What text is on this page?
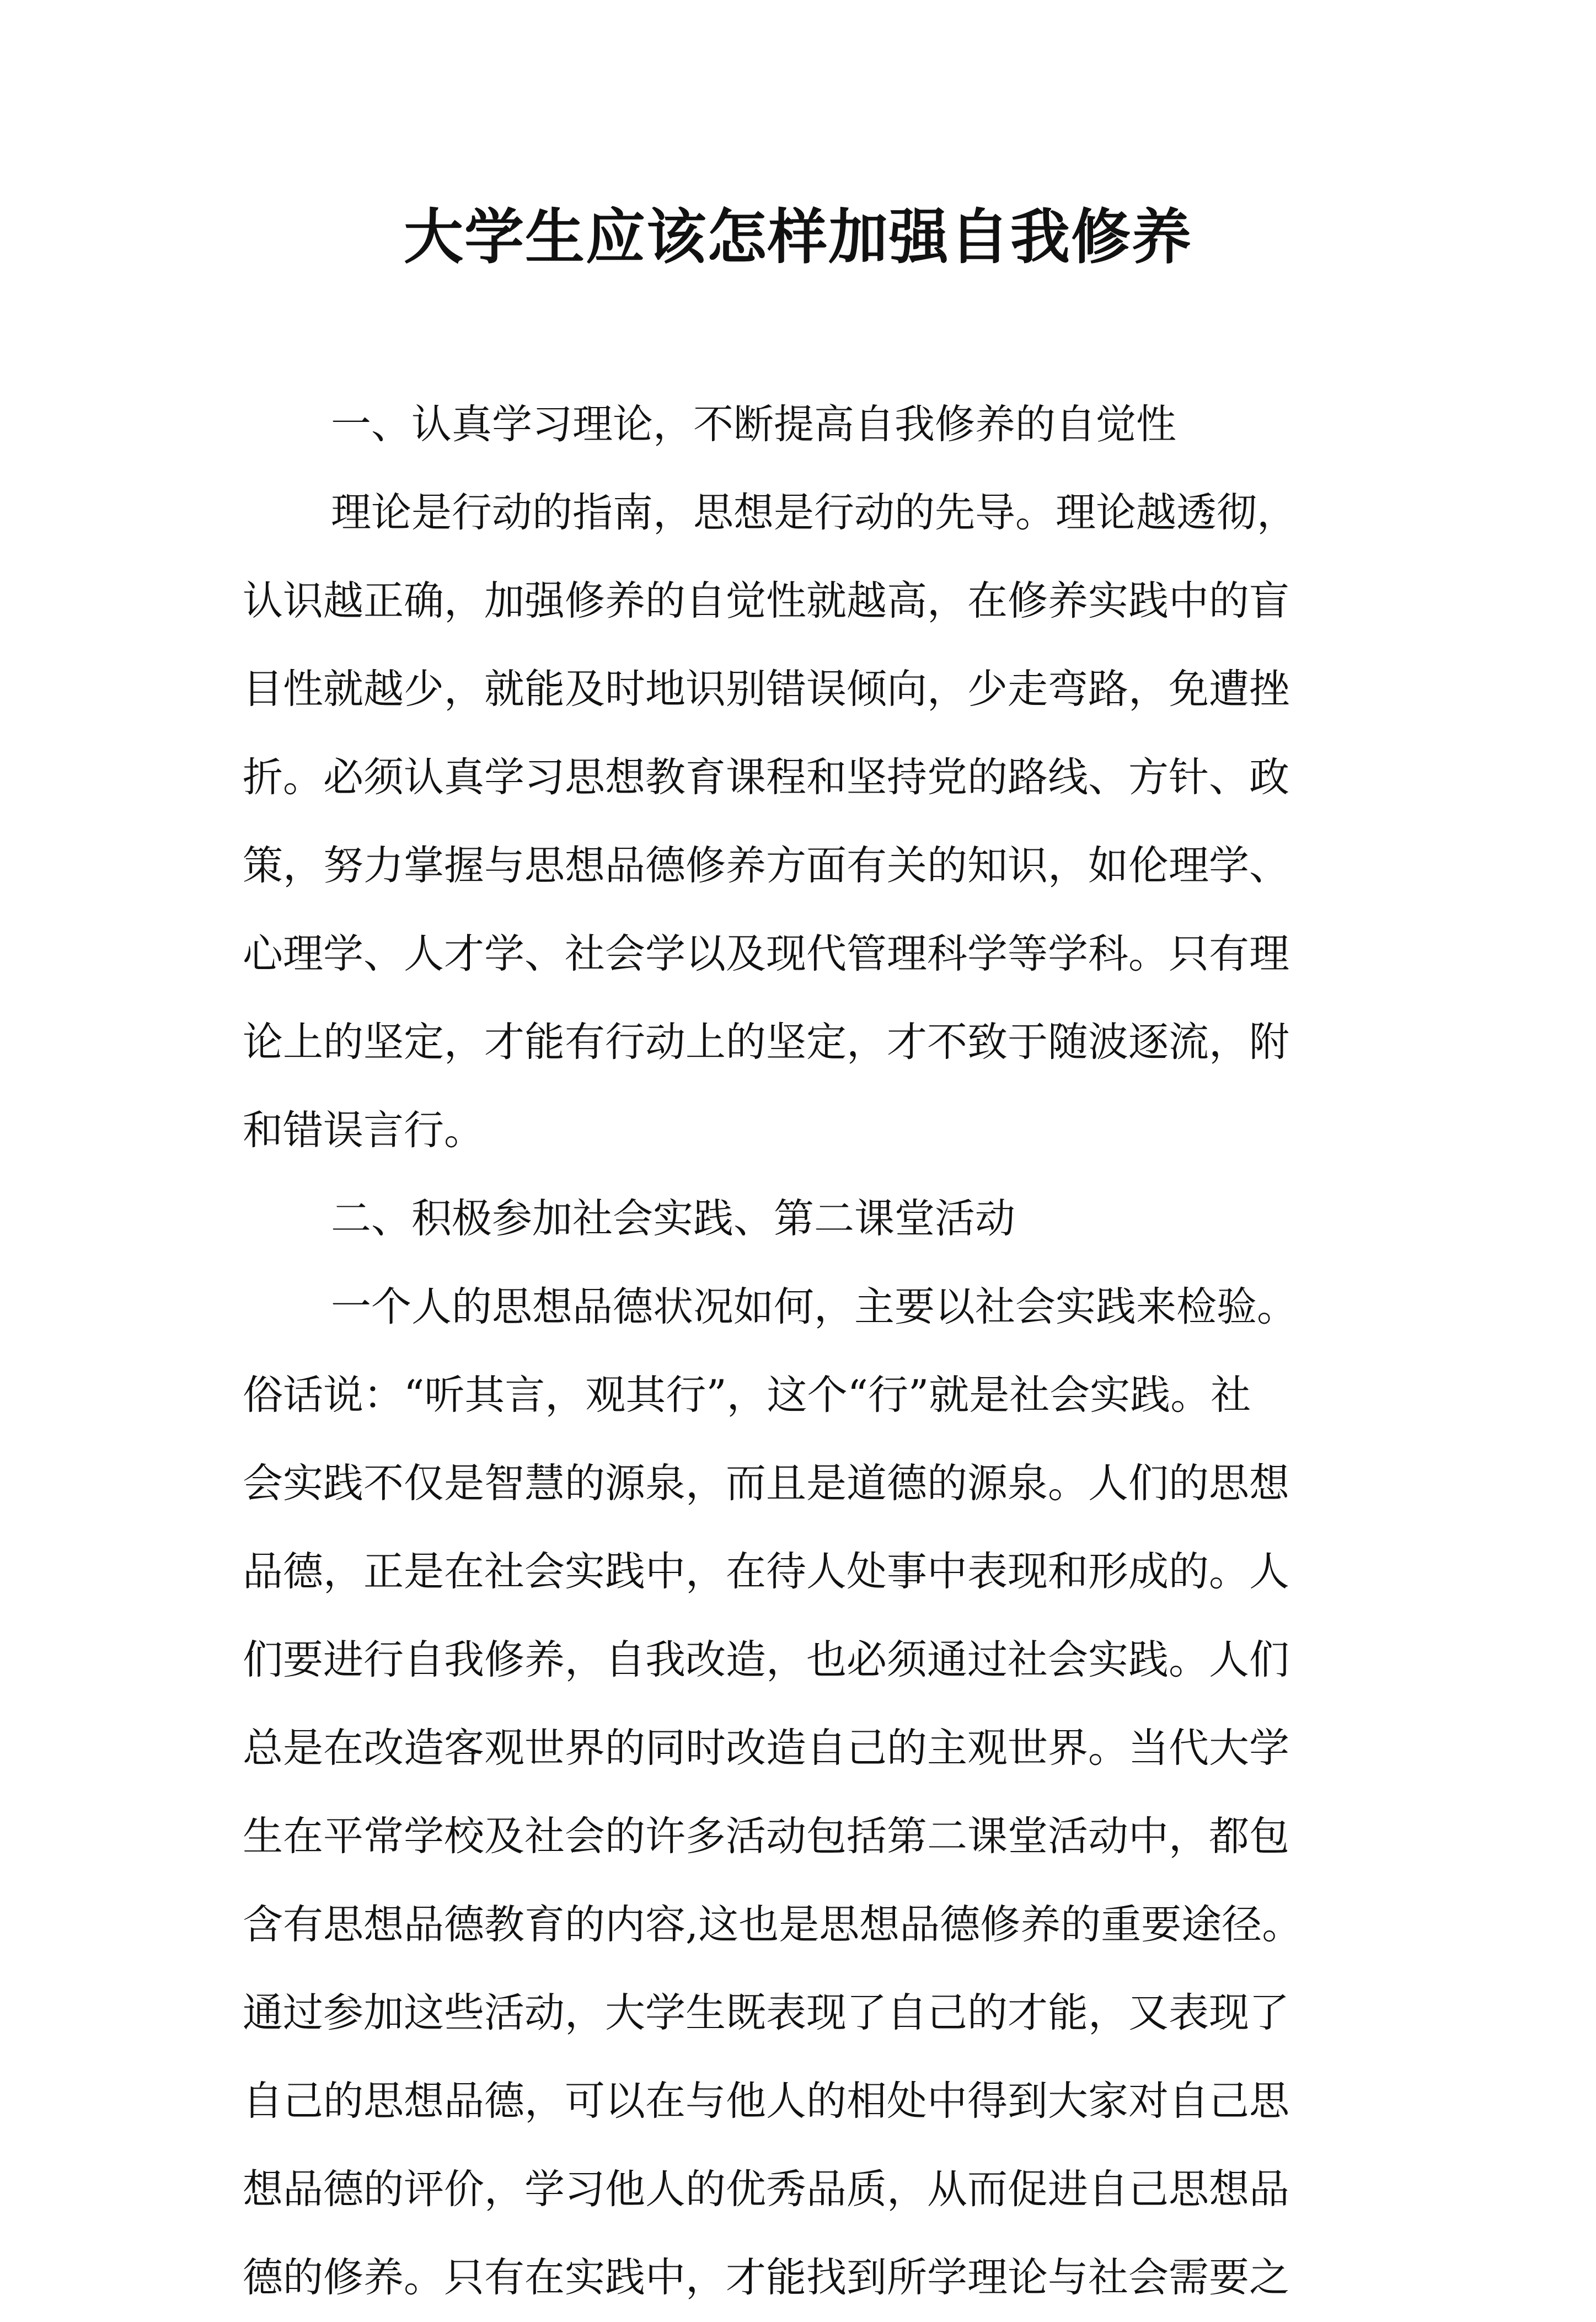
大学生应该怎样加强自我修养

一、认真学习理论，不断提高自我修养的自觉性

理论是行动的指南，思想是行动的先导。理论越透彻，

认识越正确，加强修养的自觉性就越高，在修养实践中的盲

目性就越少，就能及时地识别错误倾向，少走弯路，免遭挫

折。必须认真学习思想教育课程和坚持党的路线、方针、政

策，努力掌握与思想品德修养方面有关的知识，如伦理学、

心理学、人才学、社会学以及现代管理科学等学科。只有理

论上的坚定，才能有行动上的坚定，才不致于随波逐流，附

和错误言行。

二、积极参加社会实践、第二课堂活动

一个人的思想品德状况如何，主要以社会实践来检验。

俗话说：“听其言，观其行”，这个“行”就是社会实践。社

会实践不仅是智慧的源泉，而且是道德的源泉。人们的思想

品德，正是在社会实践中，在待人处事中表现和形成的。人

们要进行自我修养，自我改造，也必须通过社会实践。人们

总是在改造客观世界的同时改造自己的主观世界。当代大学

生在平常学校及社会的许多活动包括第二课堂活动中，都包

含有思想品德教育的内容,这也是思想品德修养的重要途径。

通过参加这些活动，大学生既表现了自己的才能，又表现了

自己的思想品德，可以在与他人的相处中得到大家对自己思

想品德的评价，学习他人的优秀品质，从而促进自己思想品

德的修养。只有在实践中，才能找到所学理论与社会需要之
